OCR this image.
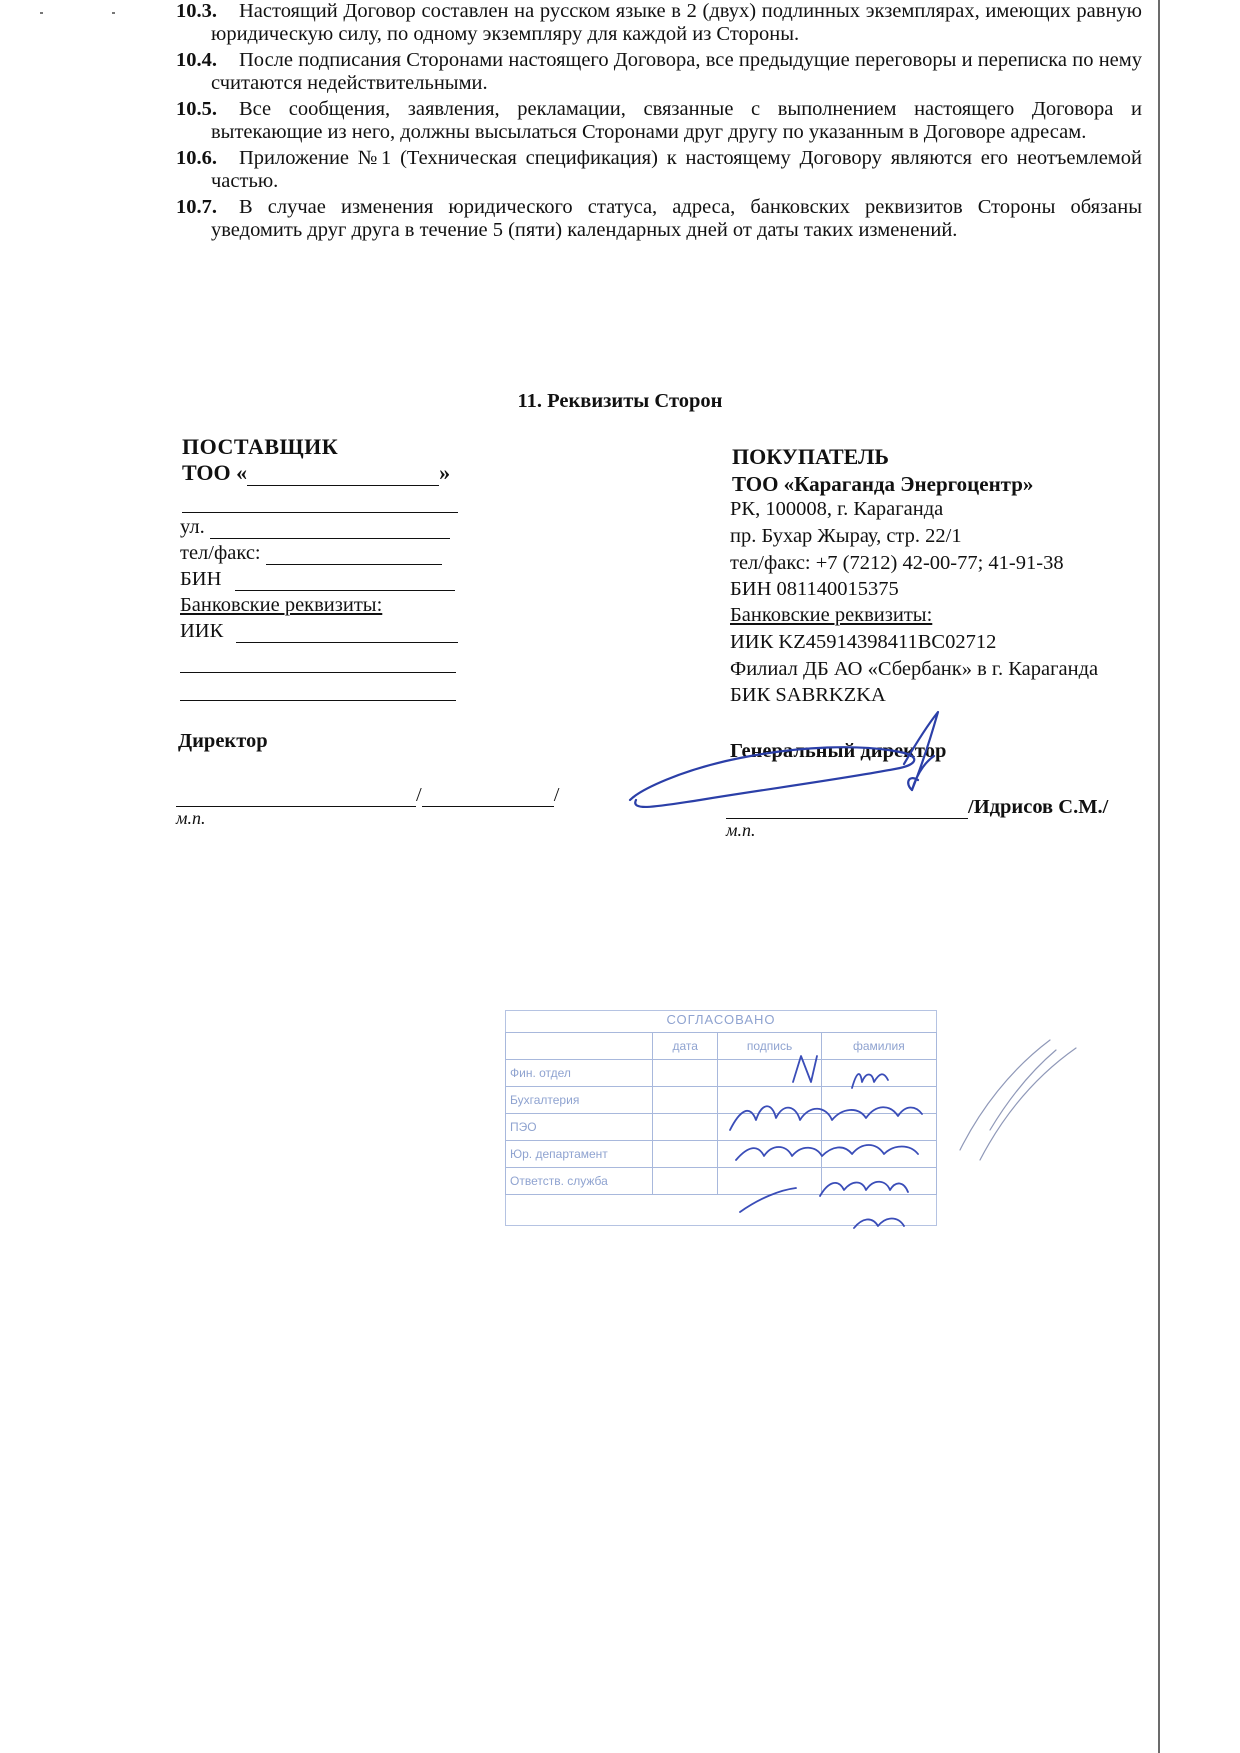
10.3.	Настоящий Договор составлен на русском языке в 2 (двух) подлинных экземплярах, имеющих равную юридическую силу, по одному экземпляру для каждой из Стороны.
10.4.	После подписания Сторонами настоящего Договора, все предыдущие переговоры и переписка по нему считаются недействительными.
10.5.	Все сообщения, заявления, рекламации, связанные с выполнением настоящего Договора и вытекающие из него, должны высылаться Сторонами друг другу по указанным в Договоре адресам.
10.6.	Приложение №1 (Техническая спецификация) к настоящему Договору являются его неотъемлемой частью.
10.7.	В случае изменения юридического статуса, адреса, банковских реквизитов Стороны обязаны уведомить друг друга в течение 5 (пяти) календарных дней от даты таких изменений.
11. Реквизиты Сторон
ПОСТАВЩИК
ТОО «	»
ул.
тел/факс:
БИН
Банковские реквизиты:
ИИК
Директор
/	/
м.п.
ПОКУПАТЕЛЬ
ТОО «Караганда Энергоцентр»
РК, 100008, г. Караганда
пр. Бухар Жырау, стр. 22/1
тел/факс: +7 (7212) 42-00-77; 41-91-38
БИН 081140015375
Банковские реквизиты:
ИИК KZ45914398411BC02712
Филиал ДБ АО «Сбербанк» в г. Караганда
БИК SABRKZKA
Генеральный директор
/Идрисов С.М./
м.п.
СОГЛАСОВАНО
	дата	подпись	фамилия
Фин. отдел			
Бухгалтерия			
ПЭО			
Юр. департамент			
Ответств. служба			
